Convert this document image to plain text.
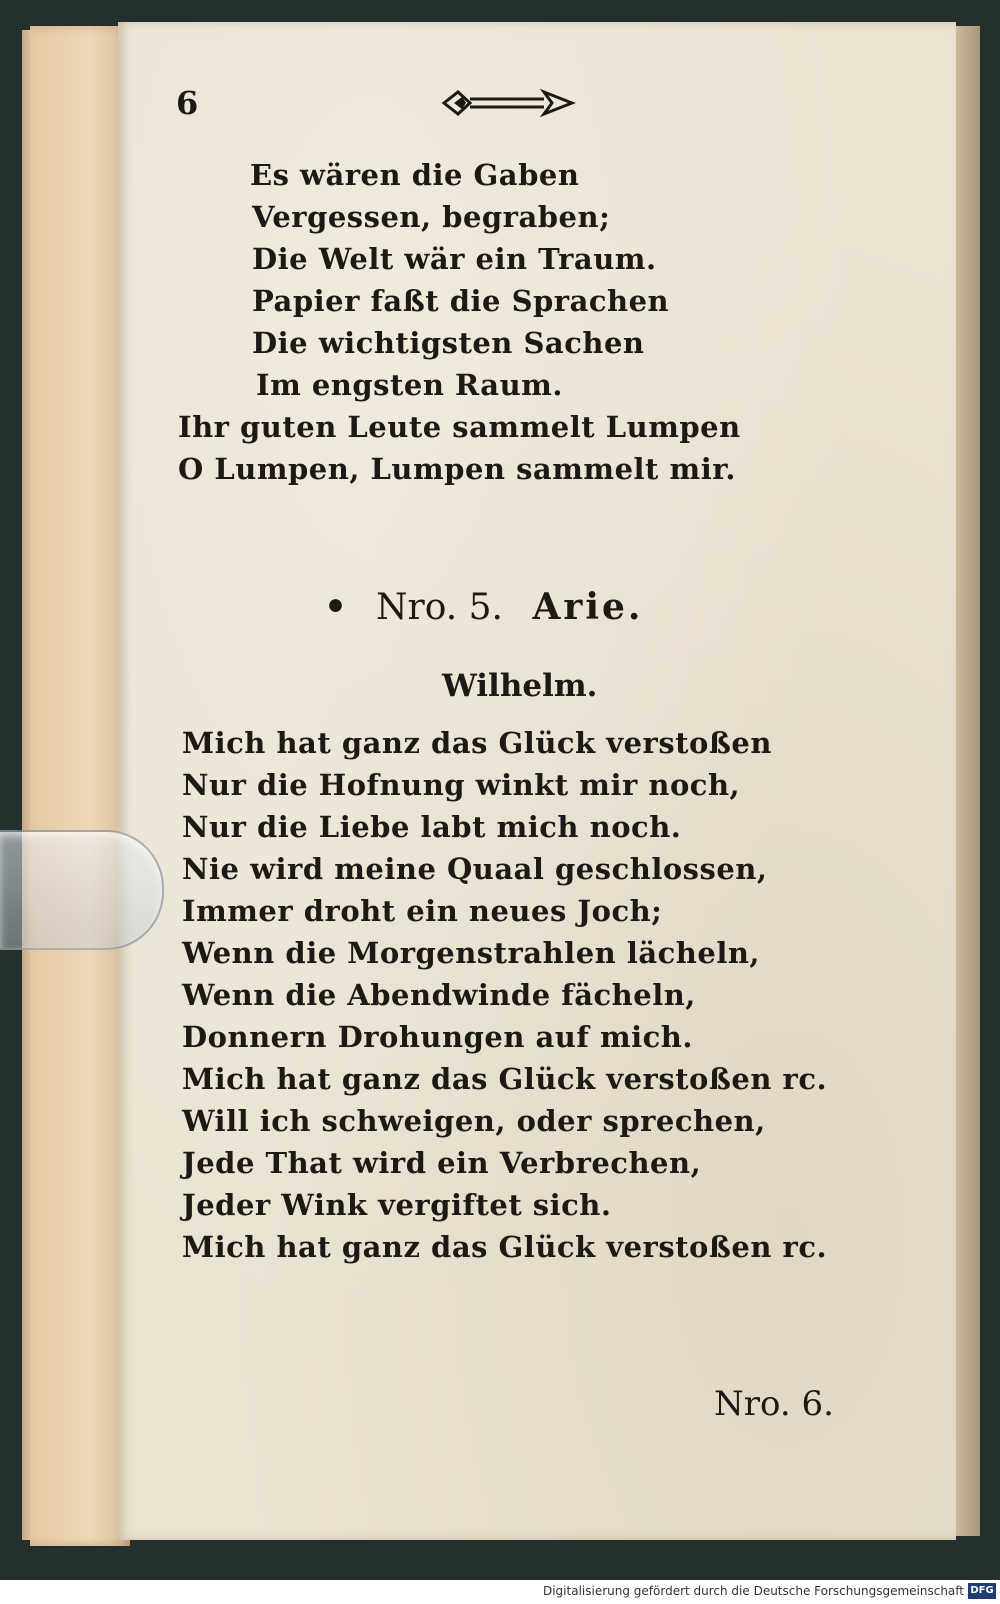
6
Es wären die Gaben
Vergessen, begraben;
Die Welt wär ein Traum.
Papier faßt die Sprachen
Die wichtigsten Sachen
Im engsten Raum.
Ihr guten Leute sammelt Lumpen
O Lumpen, Lumpen sammelt mir.
• Nro. 5. Arie.
Wilhelm.
Mich hat ganz das Glück verstoßen
Nur die Hofnung winkt mir noch,
Nur die Liebe labt mich noch.
Nie wird meine Quaal geschlossen,
Immer droht ein neues Joch;
Wenn die Morgenstrahlen lächeln,
Wenn die Abendwinde fächeln,
Donnern Drohungen auf mich.
Mich hat ganz das Glück verstoßen rc.
Will ich schweigen, oder sprechen,
Jede That wird ein Verbrechen,
Jeder Wink vergiftet sich.
Mich hat ganz das Glück verstoßen rc.
Nro. 6.
Digitalisierung gefördert durch die Deutsche Forschungsgemeinschaft DFG
